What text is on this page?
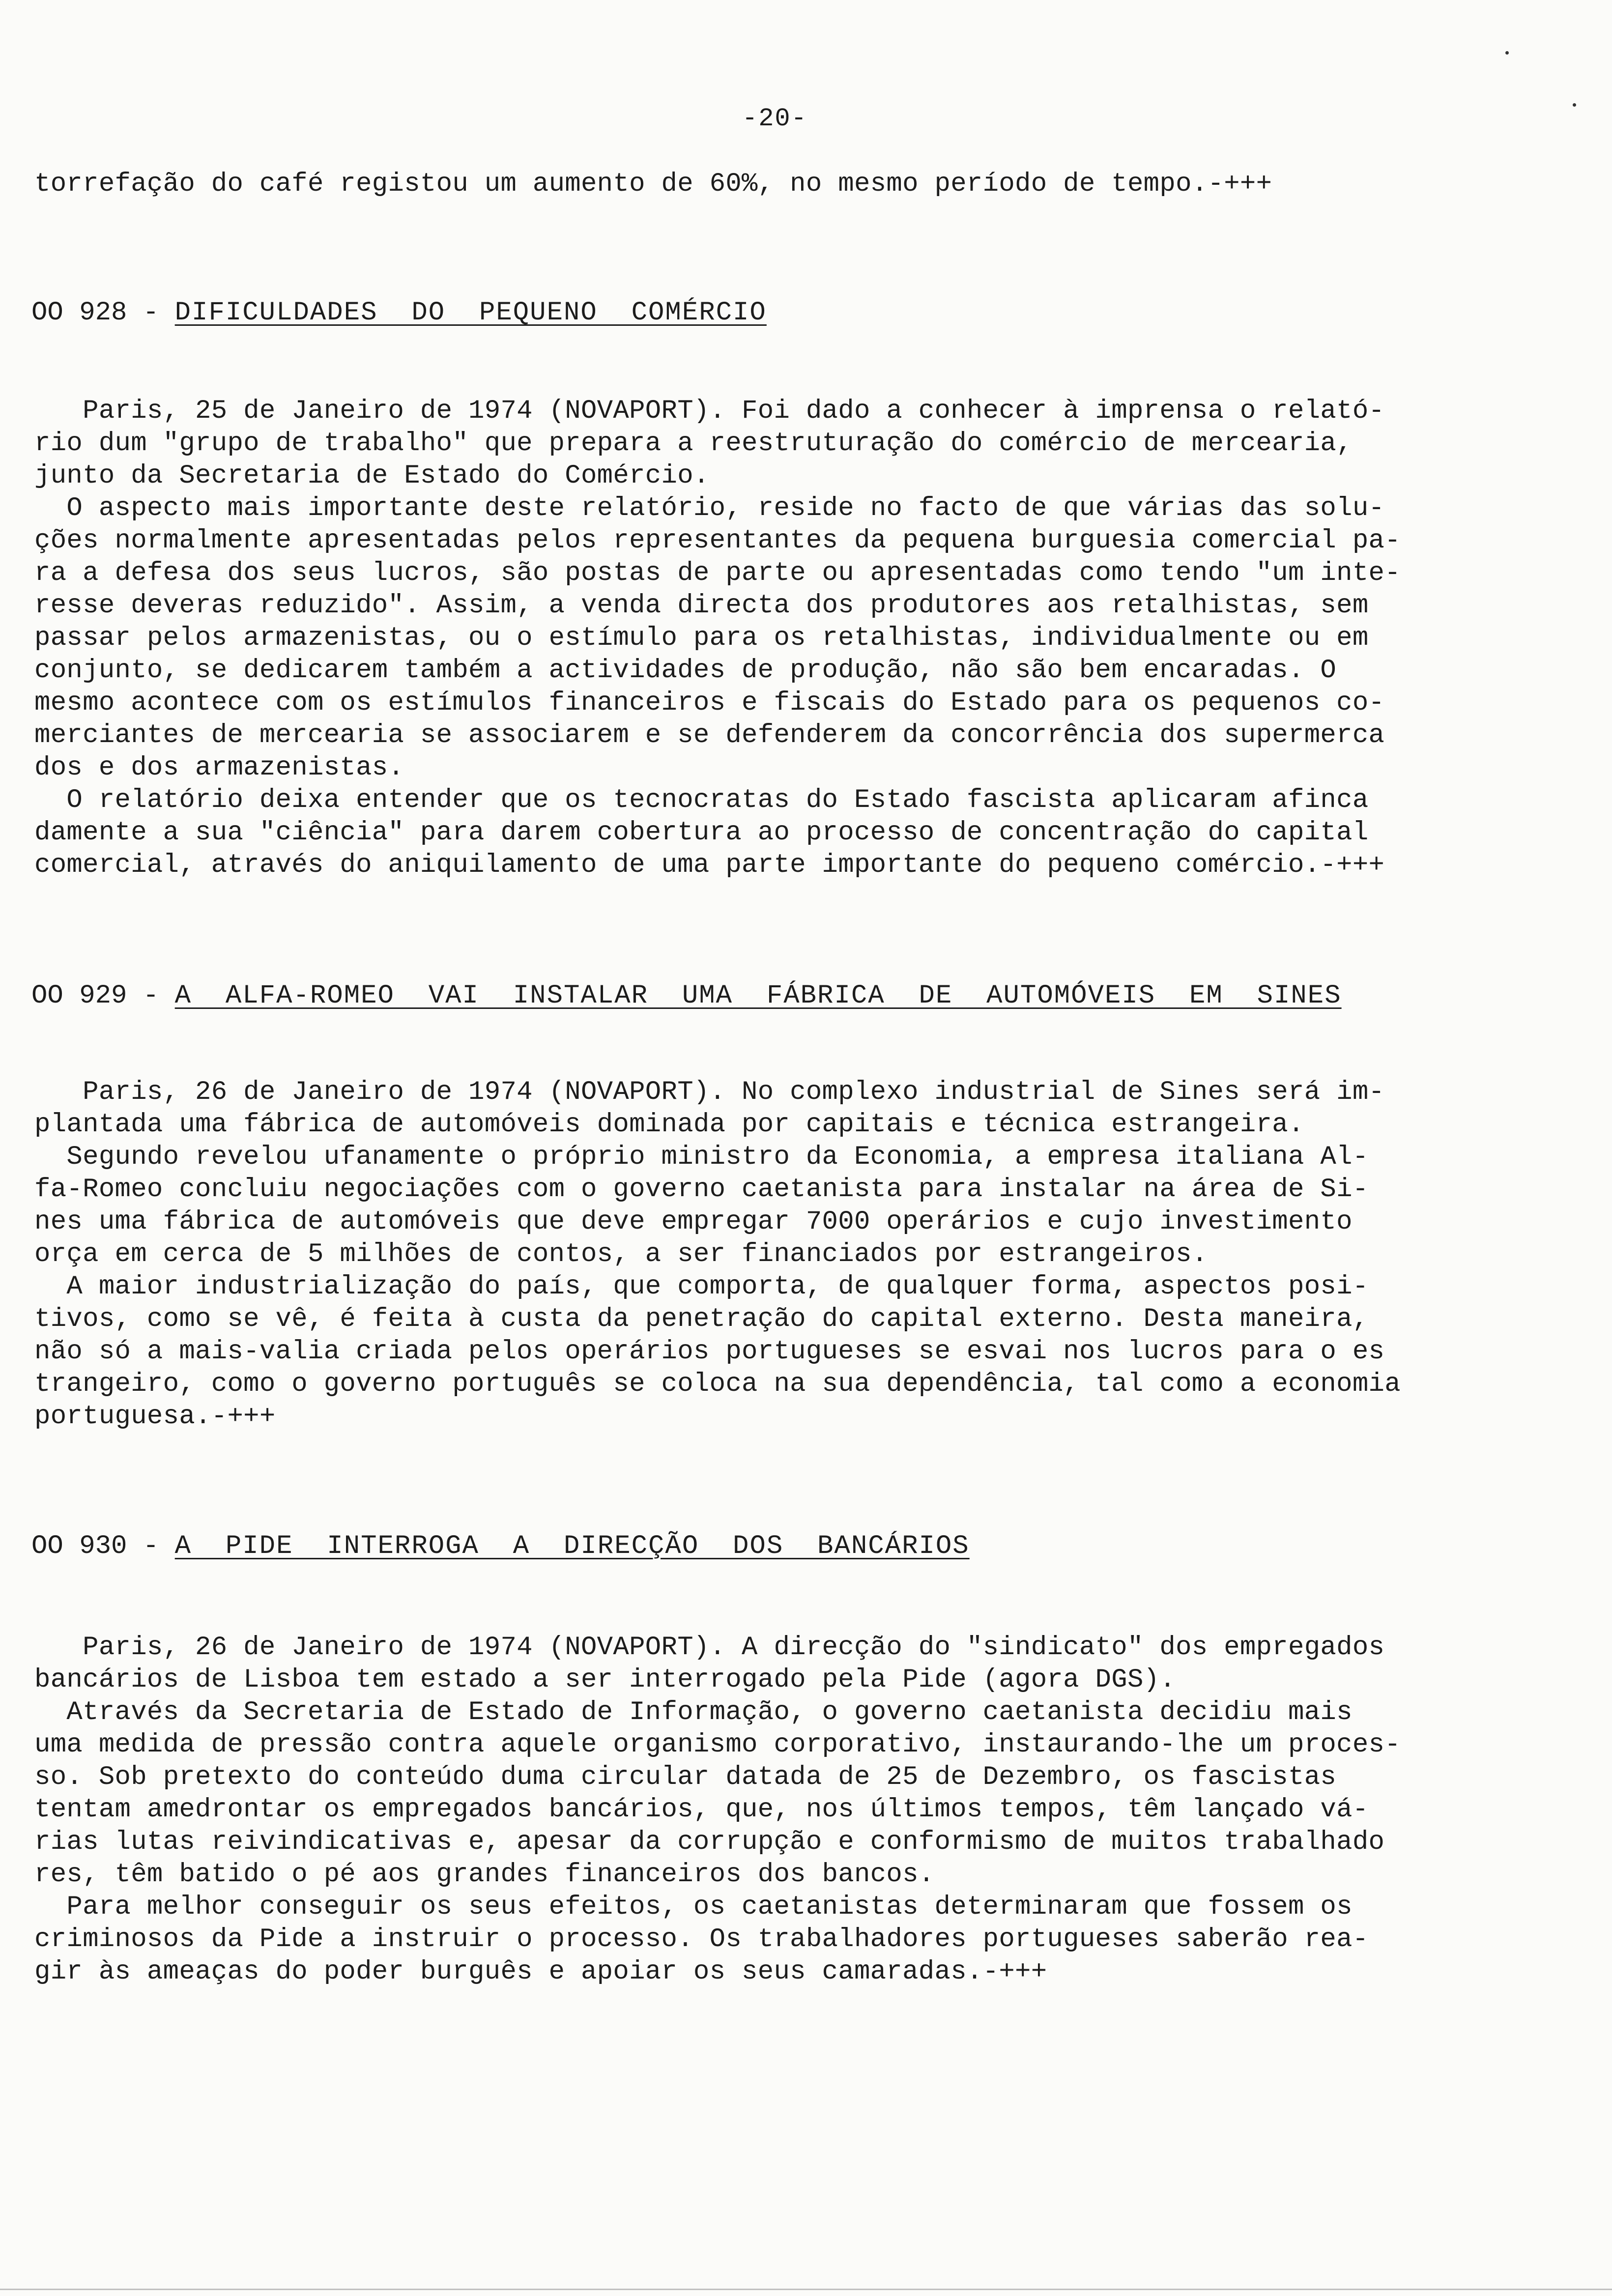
-20-
torrefação do café registou um aumento de 60%, no mesmo período de tempo.-+++
OO 928 - DIFICULDADES  DO  PEQUENO  COMÉRCIO
Paris, 25 de Janeiro de 1974 (NOVAPORT). Foi dado a conhecer à imprensa o relató-
rio dum "grupo de trabalho" que prepara a reestruturação do comércio de mercearia,
junto da Secretaria de Estado do Comércio.
O aspecto mais importante deste relatório, reside no facto de que várias das solu-
ções normalmente apresentadas pelos representantes da pequena burguesia comercial pa-
ra a defesa dos seus lucros, são postas de parte ou apresentadas como tendo "um inte-
resse deveras reduzido". Assim, a venda directa dos produtores aos retalhistas, sem
passar pelos armazenistas, ou o estímulo para os retalhistas, individualmente ou em
conjunto, se dedicarem também a actividades de produção, não são bem encaradas. O
mesmo acontece com os estímulos financeiros e fiscais do Estado para os pequenos co-
merciantes de mercearia se associarem e se defenderem da concorrência dos supermerca
dos e dos armazenistas.
O relatório deixa entender que os tecnocratas do Estado fascista aplicaram afinca
damente a sua "ciência" para darem cobertura ao processo de concentração do capital
comercial, através do aniquilamento de uma parte importante do pequeno comércio.-+++
OO 929 - A  ALFA-ROMEO  VAI  INSTALAR  UMA  FÁBRICA  DE  AUTOMÓVEIS  EM  SINES
Paris, 26 de Janeiro de 1974 (NOVAPORT). No complexo industrial de Sines será im-
plantada uma fábrica de automóveis dominada por capitais e técnica estrangeira.
Segundo revelou ufanamente o próprio ministro da Economia, a empresa italiana Al-
fa-Romeo concluiu negociações com o governo caetanista para instalar na área de Si-
nes uma fábrica de automóveis que deve empregar 7000 operários e cujo investimento
orça em cerca de 5 milhões de contos, a ser financiados por estrangeiros.
A maior industrialização do país, que comporta, de qualquer forma, aspectos posi-
tivos, como se vê, é feita à custa da penetração do capital externo. Desta maneira,
não só a mais-valia criada pelos operários portugueses se esvai nos lucros para o es
trangeiro, como o governo português se coloca na sua dependência, tal como a economia
portuguesa.-+++
OO 930 - A  PIDE  INTERROGA  A  DIRECÇÃO  DOS  BANCÁRIOS
Paris, 26 de Janeiro de 1974 (NOVAPORT). A direcção do "sindicato" dos empregados
bancários de Lisboa tem estado a ser interrogado pela Pide (agora DGS).
Através da Secretaria de Estado de Informação, o governo caetanista decidiu mais
uma medida de pressão contra aquele organismo corporativo, instaurando-lhe um proces-
so. Sob pretexto do conteúdo duma circular datada de 25 de Dezembro, os fascistas
tentam amedrontar os empregados bancários, que, nos últimos tempos, têm lançado vá-
rias lutas reivindicativas e, apesar da corrupção e conformismo de muitos trabalhado
res, têm batido o pé aos grandes financeiros dos bancos.
Para melhor conseguir os seus efeitos, os caetanistas determinaram que fossem os
criminosos da Pide a instruir o processo. Os trabalhadores portugueses saberão rea-
gir às ameaças do poder burguês e apoiar os seus camaradas.-+++
